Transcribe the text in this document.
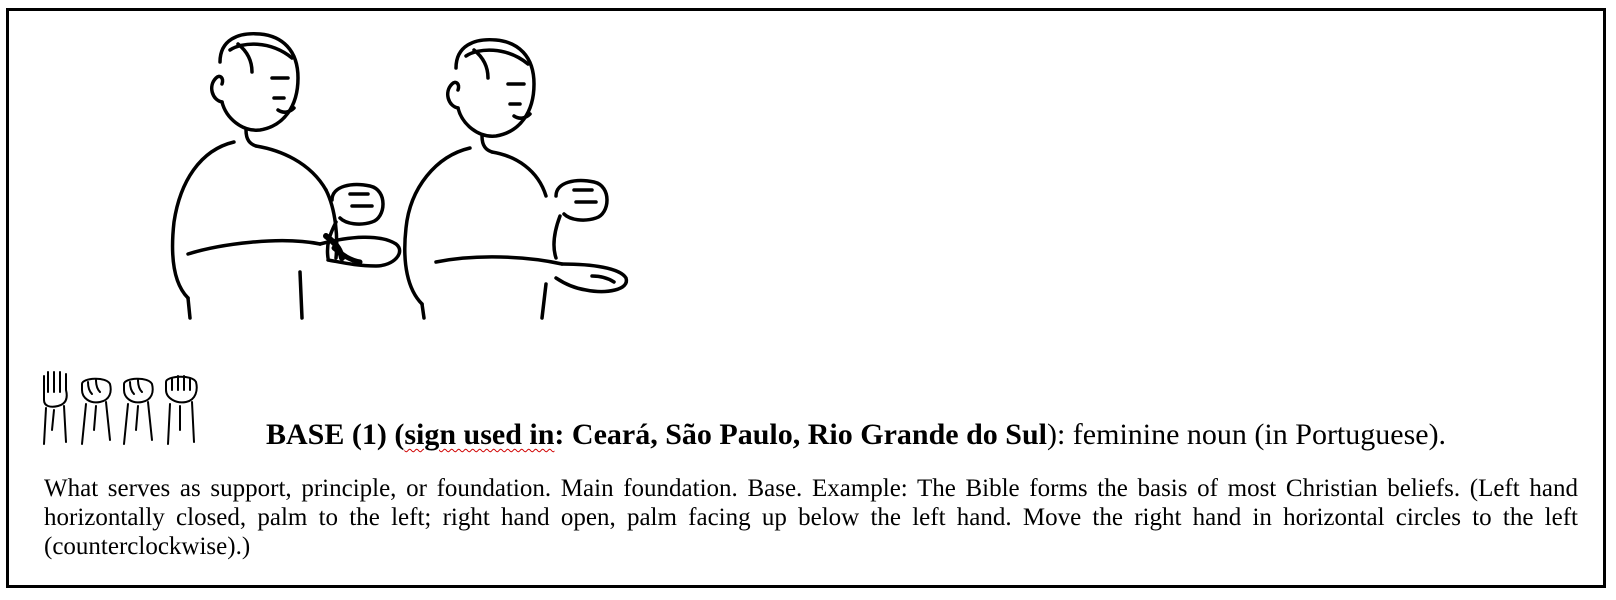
BASE (1) (sign used in: Ceará, São Paulo, Rio Grande do Sul): feminine noun (in Portuguese).
What serves as support, principle, or foundation. Main foundation. Base. Example: The Bible forms the basis of most Christian beliefs. (Left hand horizontally closed, palm to the left; right hand open, palm facing up below the left hand. Move the right hand in horizontal circles to the left (counterclockwise).)
